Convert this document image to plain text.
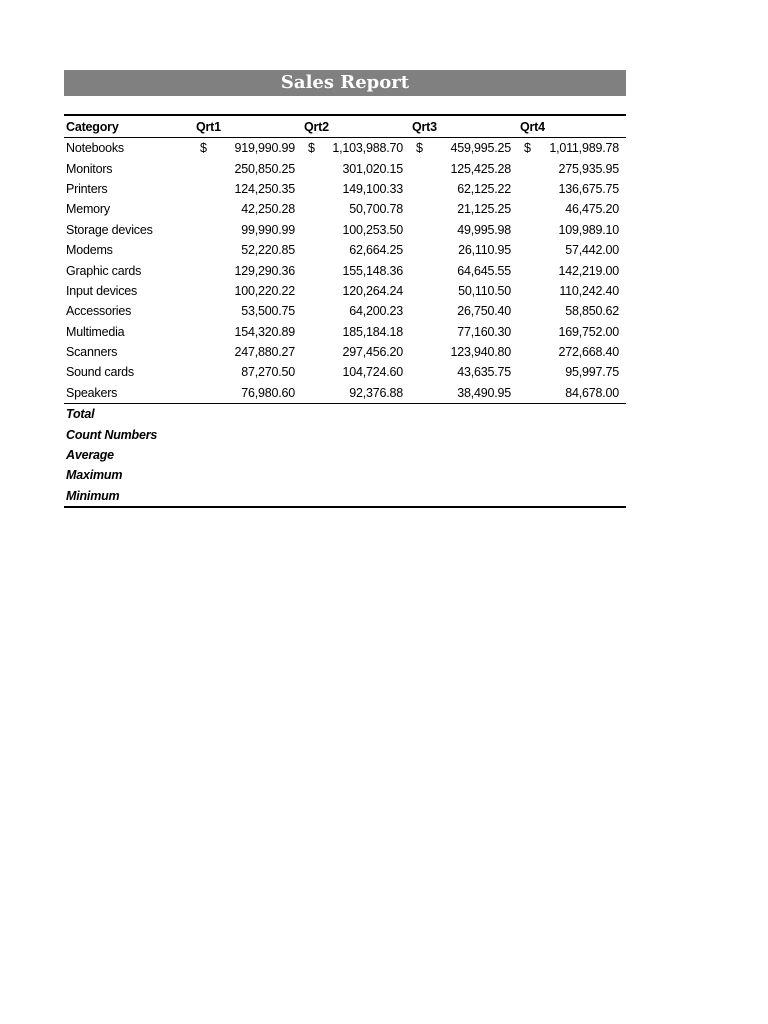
Sales Report
Category	Qrt1	Qrt2	Qrt3	Qrt4
Notebooks	$ 919,990.99	$ 1,103,988.70	$ 459,995.25	$ 1,011,989.78
Monitors	250,850.25	301,020.15	125,425.28	275,935.95
Printers	124,250.35	149,100.33	62,125.22	136,675.75
Memory	42,250.28	50,700.78	21,125.25	46,475.20
Storage devices	99,990.99	100,253.50	49,995.98	109,989.10
Modems	52,220.85	62,664.25	26,110.95	57,442.00
Graphic cards	129,290.36	155,148.36	64,645.55	142,219.00
Input devices	100,220.22	120,264.24	50,110.50	110,242.40
Accessories	53,500.75	64,200.23	26,750.40	58,850.62
Multimedia	154,320.89	185,184.18	77,160.30	169,752.00
Scanners	247,880.27	297,456.20	123,940.80	272,668.40
Sound cards	87,270.50	104,724.60	43,635.75	95,997.75
Speakers	76,980.60	92,376.88	38,490.95	84,678.00
Total				
Count Numbers				
Average				
Maximum				
Minimum				
